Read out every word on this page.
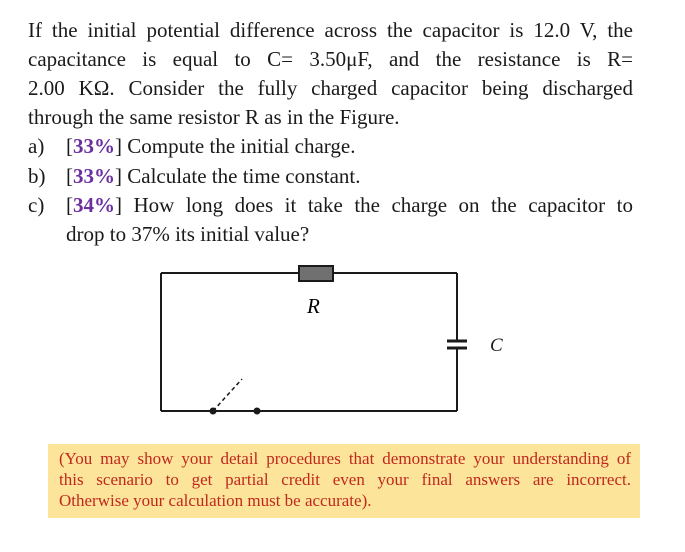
If the initial potential difference across the capacitor is 12.0 V, the
capacitance is equal to C= 3.50μF, and the resistance is R=
2.00 KΩ. Consider the fully charged capacitor being discharged
through the same resistor R as in the Figure.
a)	[33%] Compute the initial charge.
b) [33%] Calculate the time constant.
c)	[34%] How long does it take the charge on the capacitor to
drop to 37% its initial value?
R
C
(You may show your detail procedures that demonstrate your understanding of
this scenario to get partial credit even your final answers are incorrect.
Otherwise your calculation must be accurate).
